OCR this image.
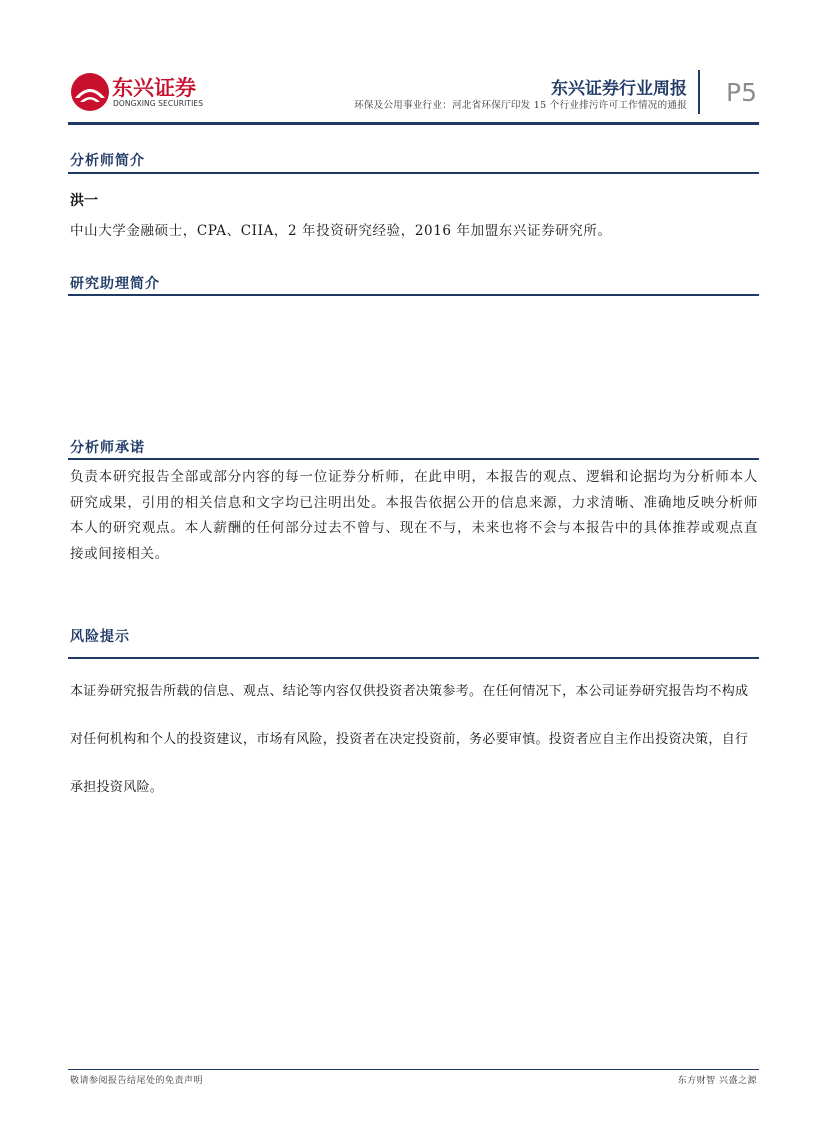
东兴证券
DONGXING SECURITIES
东兴证券行业周报
环保及公用事业行业：河北省环保厅印发 15 个行业排污许可工作情况的通报 P5
分析师简介
洪一
中山大学金融硕士，CPA、CIIA，2 年投资研究经验，2016 年加盟东兴证券研究所。
研究助理简介
分析师承诺
负责本研究报告全部或部分内容的每一位证券分析师，在此申明，本报告的观点、逻辑和论据均为分析师本人研究成果，引用的相关信息和文字均已注明出处。本报告依据公开的信息来源，力求清晰、准确地反映分析师本人的研究观点。本人薪酬的任何部分过去不曾与、现在不与，未来也将不会与本报告中的具体推荐或观点直接或间接相关。
风险提示
本证券研究报告所载的信息、观点、结论等内容仅供投资者决策参考。在任何情况下，本公司证券研究报告均不构成对任何机构和个人的投资建议，市场有风险，投资者在决定投资前，务必要审慎。投资者应自主作出投资决策，自行承担投资风险。
敬请参阅报告结尾处的免责声明	东方财智 兴盛之源
